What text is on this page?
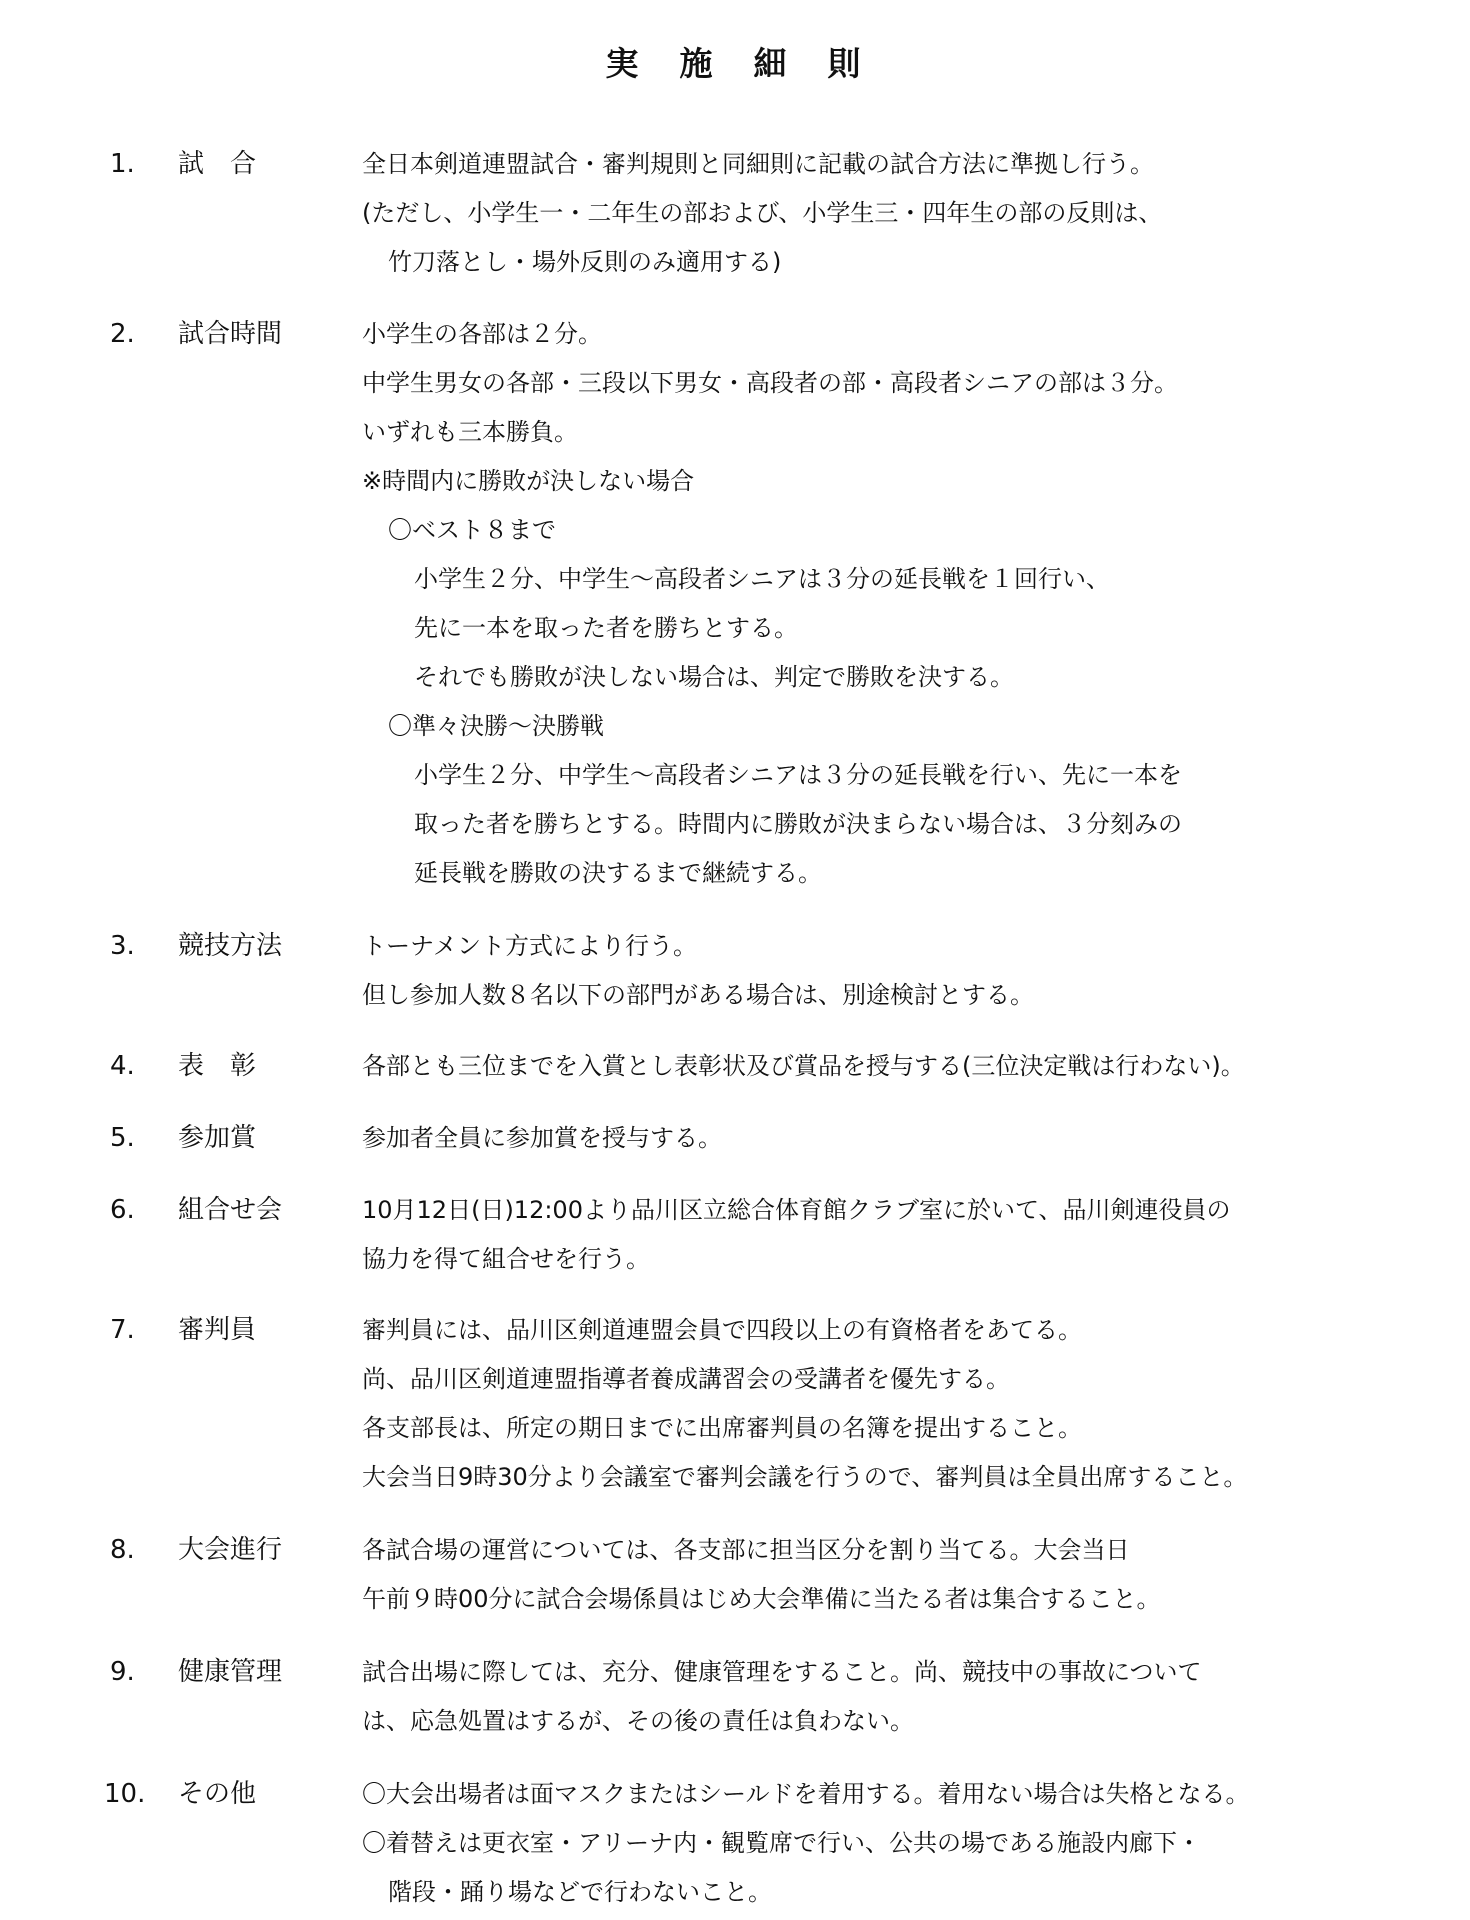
実　施　細　則
1.	試　合	全日本剣道連盟試合・審判規則と同細則に記載の試合方法に準拠し行う。
(ただし、小学生一・二年生の部および、小学生三・四年生の部の反則は、
竹刀落とし・場外反則のみ適用する)
2.	試合時間	小学生の各部は２分。
中学生男女の各部・三段以下男女・高段者の部・高段者シニアの部は３分。
いずれも三本勝負。
※時間内に勝敗が決しない場合
〇ベスト８まで
小学生２分、中学生～高段者シニアは３分の延長戦を１回行い、
先に一本を取った者を勝ちとする。
それでも勝敗が決しない場合は、判定で勝敗を決する。
〇準々決勝～決勝戦
小学生２分、中学生～高段者シニアは３分の延長戦を行い、先に一本を
取った者を勝ちとする。時間内に勝敗が決まらない場合は、３分刻みの
延長戦を勝敗の決するまで継続する。
3.	競技方法	トーナメント方式により行う。
但し参加人数８名以下の部門がある場合は、別途検討とする。
4.	表　彰	各部とも三位までを入賞とし表彰状及び賞品を授与する(三位決定戦は行わない)。
5.	参加賞	参加者全員に参加賞を授与する。
6.	組合せ会	10月12日(日)12:00より品川区立総合体育館クラブ室に於いて、品川剣連役員の
協力を得て組合せを行う。
7.	審判員	審判員には、品川区剣道連盟会員で四段以上の有資格者をあてる。
尚、品川区剣道連盟指導者養成講習会の受講者を優先する。
各支部長は、所定の期日までに出席審判員の名簿を提出すること。
大会当日9時30分より会議室で審判会議を行うので、審判員は全員出席すること。
8.	大会進行	各試合場の運営については、各支部に担当区分を割り当てる。大会当日
午前９時00分に試合会場係員はじめ大会準備に当たる者は集合すること。
9.	健康管理	試合出場に際しては、充分、健康管理をすること。尚、競技中の事故について
は、応急処置はするが、その後の責任は負わない。
10.	その他	〇大会出場者は面マスクまたはシールドを着用する。着用ない場合は失格となる。
〇着替えは更衣室・アリーナ内・観覧席で行い、公共の場である施設内廊下・
階段・踊り場などで行わないこと。
